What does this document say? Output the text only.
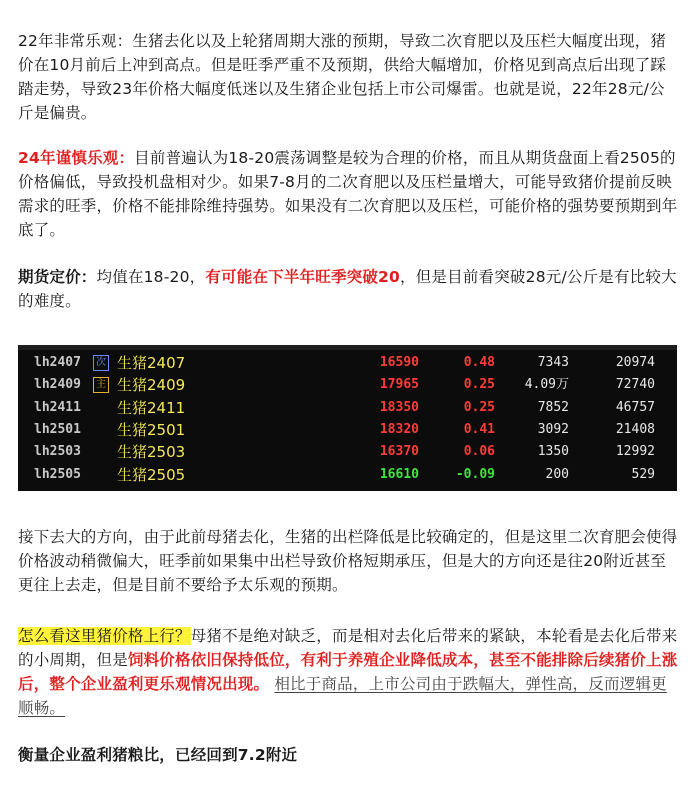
22年非常乐观：生猪去化以及上轮猪周期大涨的预期，导致二次育肥以及压栏大幅度出现，猪价在10月前后上冲到高点。但是旺季严重不及预期，供给大幅增加，价格见到高点后出现了踩踏走势，导致23年价格大幅度低迷以及生猪企业包括上市公司爆雷。也就是说，22年28元/公斤是偏贵。

24年谨慎乐观：目前普遍认为18-20震荡调整是较为合理的价格，而且从期货盘面上看2505的价格偏低，导致投机盘相对少。如果7-8月的二次育肥以及压栏量增大，可能导致猪价提前反映需求的旺季，价格不能排除维持强势。如果没有二次育肥以及压栏，可能价格的强势要预期到年底了。

期货定价：均值在18-20，有可能在下半年旺季突破20，但是目前看突破28元/公斤是有比较大的难度。

lh2407	次 生猪2407	16590	0.48	7343	20974
lh2409	主 生猪2409	17965	0.25 4.09万	72740
lh2411 生猪2411	18350	0.25	7852	46757
lh2501 生猪2501	18320	0.41	3092	21408
lh2503 生猪2503	16370	0.06	1350	12992
lh2505 生猪2505	16610	-0.09	200	529

接下去大的方向，由于此前母猪去化，生猪的出栏降低是比较确定的，但是这里二次育肥会使得价格波动稍微偏大，旺季前如果集中出栏导致价格短期承压，但是大的方向还是往20附近甚至更往上去走，但是目前不要给予太乐观的预期。

怎么看这里猪价格上行？母猪不是绝对缺乏，而是相对去化后带来的紧缺，本轮看是去化后带来的小周期，但是饲料价格依旧保持低位，有利于养殖企业降低成本，甚至不能排除后续猪价上涨后，整个企业盈利更乐观情况出现。 相比于商品，上市公司由于跌幅大，弹性高，反而逻辑更顺畅。

衡量企业盈利猪粮比，已经回到7.2附近
